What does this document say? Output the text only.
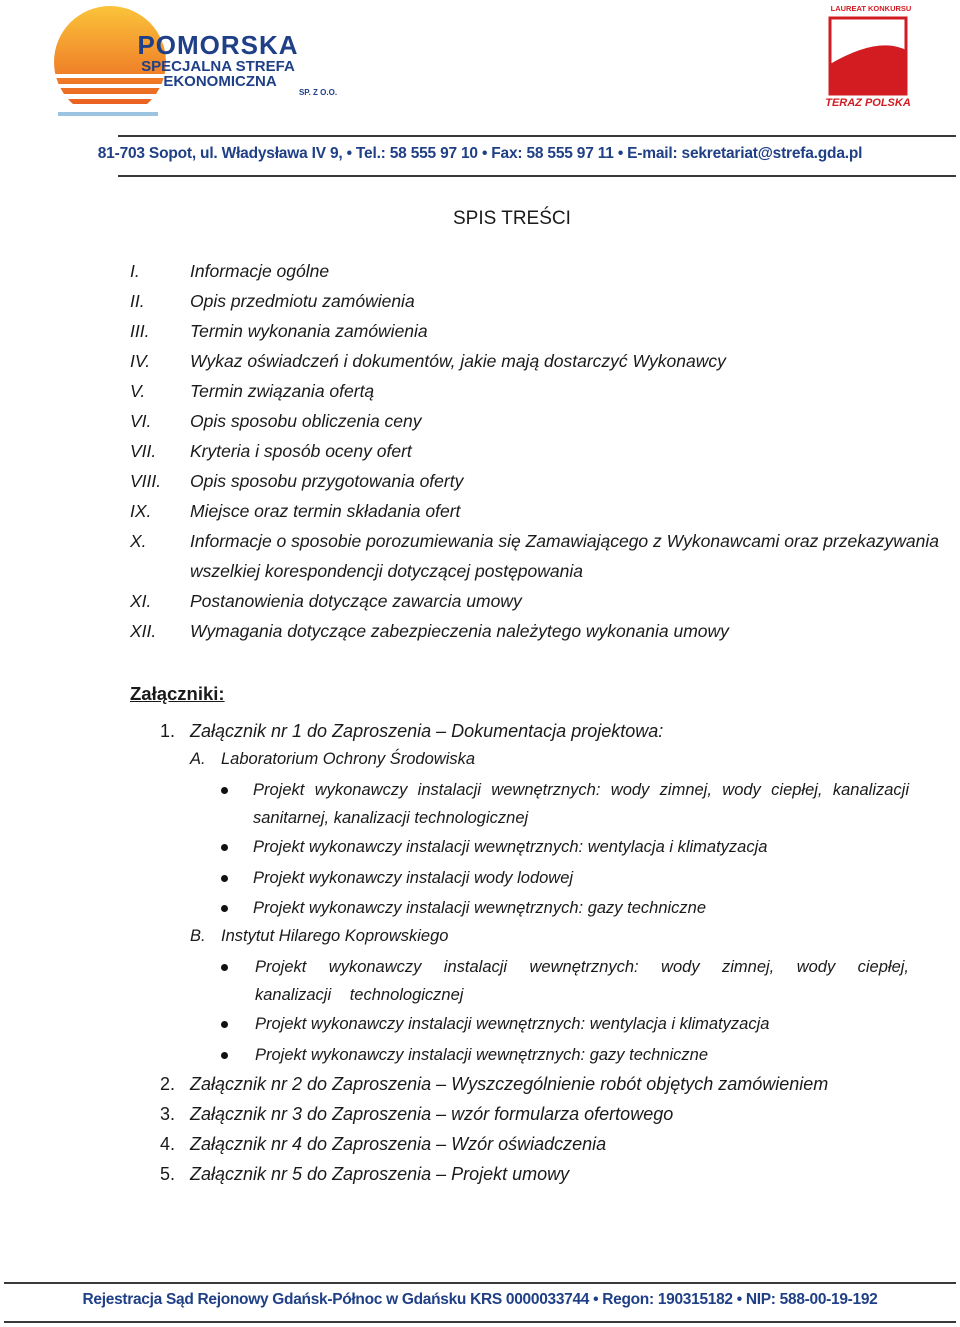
POMORSKA
SPECJALNA STREFA
EKONOMICZNA
SP. Z O.O.
LAUREAT KONKURSU
TERAZ POLSKA
81-703 Sopot, ul. Władysława IV 9, • Tel.: 58 555 97 10 • Fax: 58 555 97 11 • E-mail: sekretariat@strefa.gda.pl
SPIS TREŚCI
I.	Informacje ogólne
II.	Opis przedmiotu zamówienia
III. Termin wykonania zamówienia
IV. Wykaz oświadczeń i dokumentów, jakie mają dostarczyć Wykonawcy
V.	Termin związania ofertą
VI. Opis sposobu obliczenia ceny
VII. Kryteria i sposób oceny ofert
VIII. Opis sposobu przygotowania oferty
IX. Miejsce oraz termin składania ofert
X. Informacje o sposobie porozumiewania się Zamawiającego z Wykonawcami oraz przekazywania
wszelkiej korespondencji dotyczącej postępowania
XI. Postanowienia dotyczące zawarcia umowy
XII. Wymagania dotyczące zabezpieczenia należytego wykonania umowy
Załączniki:
1. Załącznik nr 1 do Zaproszenia – Dokumentacja projektowa:
A. Laboratorium Ochrony Środowiska
Projekt wykonawczy instalacji wewnętrznych: wody zimnej, wody ciepłej, kanalizacji sanitarnej, kanalizacji technologicznej
Projekt wykonawczy instalacji wewnętrznych: wentylacja i klimatyzacja
Projekt wykonawczy instalacji wody lodowej
Projekt wykonawczy instalacji wewnętrznych: gazy techniczne
B. Instytut Hilarego Koprowskiego
Projekt wykonawczy instalacji wewnętrznych: wody zimnej, wody ciepłej, kanalizacji technologicznej
Projekt wykonawczy instalacji wewnętrznych: wentylacja i klimatyzacja
Projekt wykonawczy instalacji wewnętrznych: gazy techniczne
2. Załącznik nr 2 do Zaproszenia – Wyszczególnienie robót objętych zamówieniem
3. Załącznik nr 3 do Zaproszenia – wzór formularza ofertowego
4. Załącznik nr 4 do Zaproszenia – Wzór oświadczenia
5. Załącznik nr 5 do Zaproszenia – Projekt umowy
Rejestracja Sąd Rejonowy Gdańsk-Północ w Gdańsku KRS 0000033744 • Regon: 190315182 • NIP: 588-00-19-192
